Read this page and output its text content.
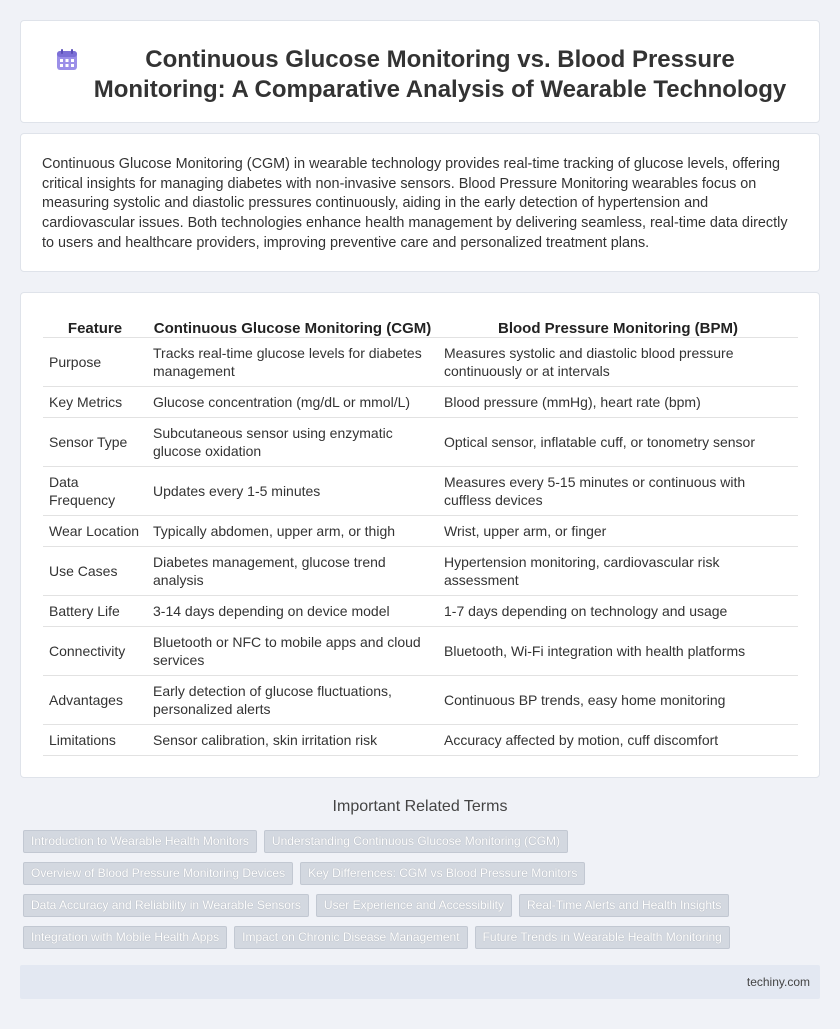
Continuous Glucose Monitoring vs. Blood Pressure Monitoring: A Comparative Analysis of Wearable Technology

Continuous Glucose Monitoring (CGM) in wearable technology provides real-time tracking of glucose levels, offering critical insights for managing diabetes with non-invasive sensors. Blood Pressure Monitoring wearables focus on measuring systolic and diastolic pressures continuously, aiding in the early detection of hypertension and cardiovascular issues. Both technologies enhance health management by delivering seamless, real-time data directly to users and healthcare providers, improving preventive care and personalized treatment plans.

Feature	Continuous Glucose Monitoring (CGM)	Blood Pressure Monitoring (BPM)
Purpose	Tracks real-time glucose levels for diabetes management	Measures systolic and diastolic blood pressure continuously or at intervals
Key Metrics	Glucose concentration (mg/dL or mmol/L)	Blood pressure (mmHg), heart rate (bpm)
Sensor Type	Subcutaneous sensor using enzymatic glucose oxidation	Optical sensor, inflatable cuff, or tonometry sensor
Data Frequency	Updates every 1-5 minutes	Measures every 5-15 minutes or continuous with cuffless devices
Wear Location	Typically abdomen, upper arm, or thigh	Wrist, upper arm, or finger
Use Cases	Diabetes management, glucose trend analysis	Hypertension monitoring, cardiovascular risk assessment
Battery Life	3-14 days depending on device model	1-7 days depending on technology and usage
Connectivity	Bluetooth or NFC to mobile apps and cloud services	Bluetooth, Wi-Fi integration with health platforms
Advantages	Early detection of glucose fluctuations, personalized alerts	Continuous BP trends, easy home monitoring
Limitations	Sensor calibration, skin irritation risk	Accuracy affected by motion, cuff discomfort
Important Related Terms
Introduction to Wearable Health Monitors	Understanding Continuous Glucose Monitoring (CGM)
Overview of Blood Pressure Monitoring Devices	Key Differences: CGM vs Blood Pressure Monitors
Data Accuracy and Reliability in Wearable Sensors	User Experience and Accessibility	Real-Time Alerts and Health Insights
Integration with Mobile Health Apps	Impact on Chronic Disease Management	Future Trends in Wearable Health Monitoring
techiny.com
